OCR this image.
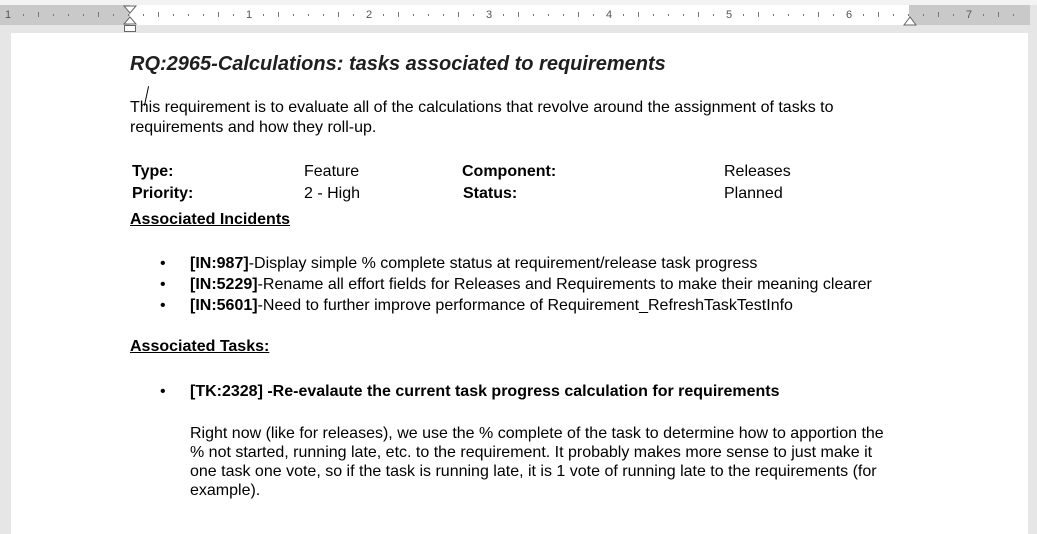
1	1	2	3	4	5	6	7
RQ:2965-Calculations: tasks associated to requirements
This requirement is to evaluate all of the calculations that revolve around the assignment of tasks to requirements and how they roll-up.
Type:	Feature	Component:	Releases
Priority:	2 - High	Status:	Planned
Associated Incidents
• [IN:987]-Display simple % complete status at requirement/release task progress
• [IN:5229]-Rename all effort fields for Releases and Requirements to make their meaning clearer
• [IN:5601]-Need to further improve performance of Requirement_RefreshTaskTestInfo
Associated Tasks:
• [TK:2328] -Re-evalaute the current task progress calculation for requirements
Right now (like for releases), we use the % complete of the task to determine how to apportion the % not started, running late, etc. to the requirement. It probably makes more sense to just make it one task one vote, so if the task is running late, it is 1 vote of running late to the requirements (for example).
